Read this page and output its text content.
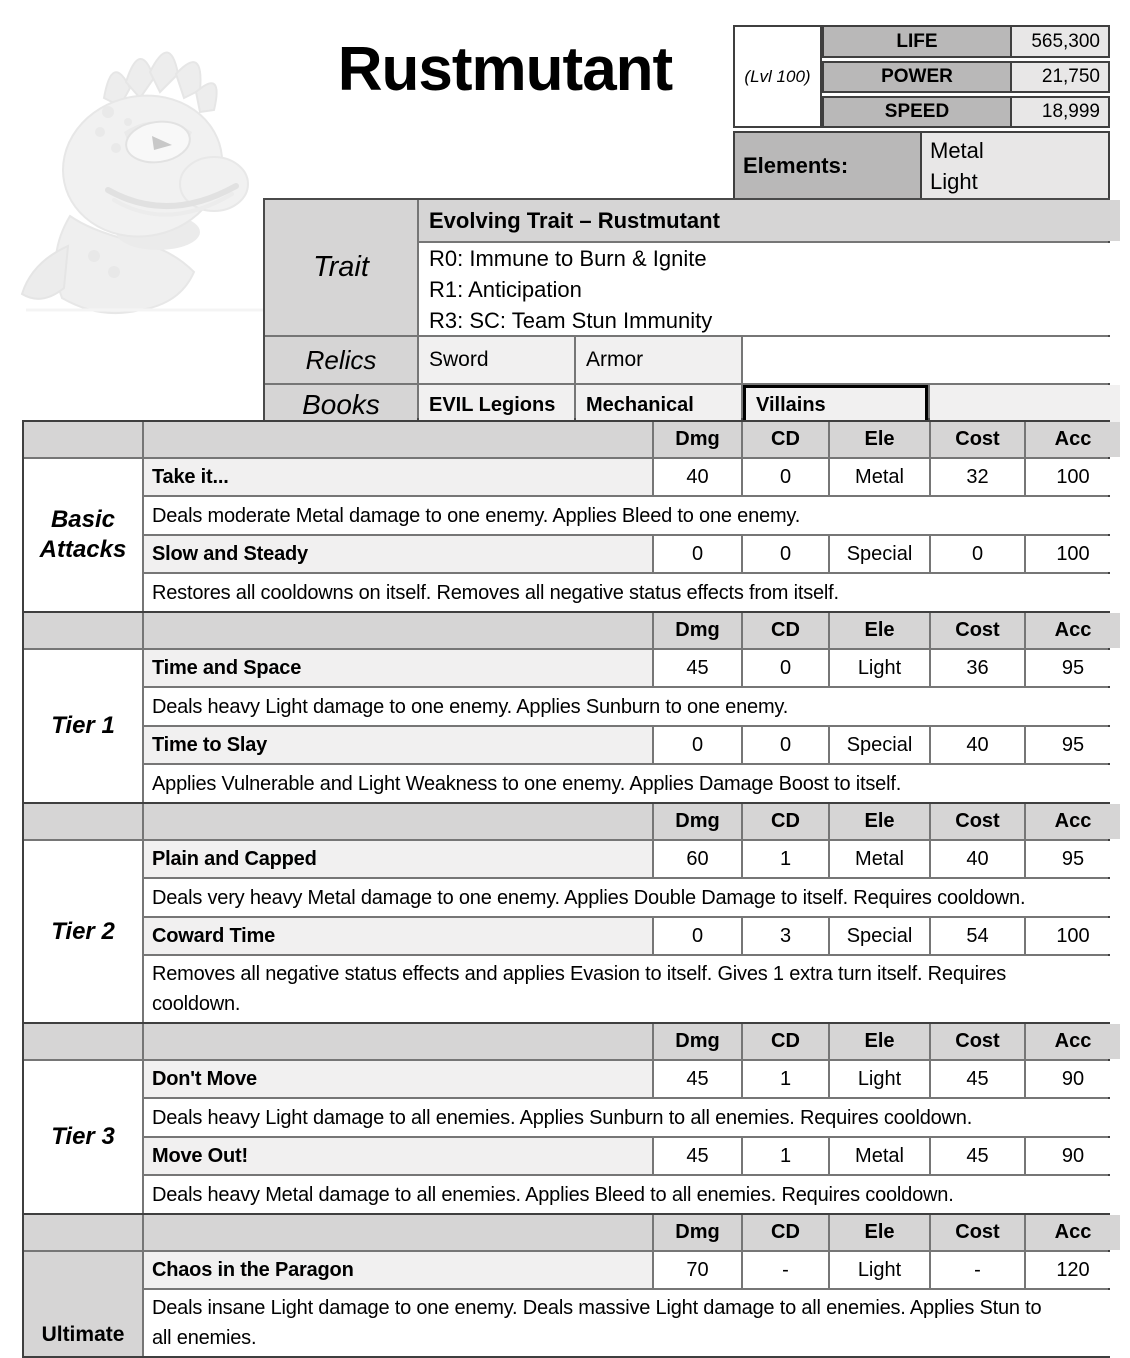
Rustmutant	(Lvl 100)
LIFE	565,300
POWER	21,750
SPEED	18,999
Elements:
Metal
Light
Trait
Evolving Trait – Rustmutant
R0: Immune to Burn & Ignite
R1: Anticipation
R3: SC: Team Stun Immunity
Relics	Sword	Armor
Books	EVIL Legions	Mechanical	Villains
Dmg	CD	Ele	Cost	Acc
Basic Attacks
Take it...	40	0	Metal	32	100
Deals moderate Metal damage to one enemy. Applies Bleed to one enemy.
Slow and Steady	0	0	Special	0	100
Restores all cooldowns on itself. Removes all negative status effects from itself.
Dmg	CD	Ele	Cost	Acc
Tier 1
Time and Space	45	0	Light	36	95
Deals heavy Light damage to one enemy. Applies Sunburn to one enemy.
Time to Slay	0	0	Special	40	95
Applies Vulnerable and Light Weakness to one enemy. Applies Damage Boost to itself.
Dmg	CD	Ele	Cost	Acc
Tier 2
Plain and Capped	60	1	Metal	40	95
Deals very heavy Metal damage to one enemy. Applies Double Damage to itself. Requires cooldown.
Coward Time	0	3	Special	54	100
Removes all negative status effects and applies Evasion to itself. Gives 1 extra turn itself. Requires cooldown.
Dmg	CD	Ele	Cost	Acc
Tier 3
Don't Move	45	1	Light	45	90
Deals heavy Light damage to all enemies. Applies Sunburn to all enemies. Requires cooldown.
Move Out!	45	1	Metal	45	90
Deals heavy Metal damage to all enemies. Applies Bleed to all enemies. Requires cooldown.
Dmg	CD	Ele	Cost	Acc
Ultimate
Chaos in the Paragon	70	-	Light	-	120
Deals insane Light damage to one enemy. Deals massive Light damage to all enemies. Applies Stun to all enemies.
